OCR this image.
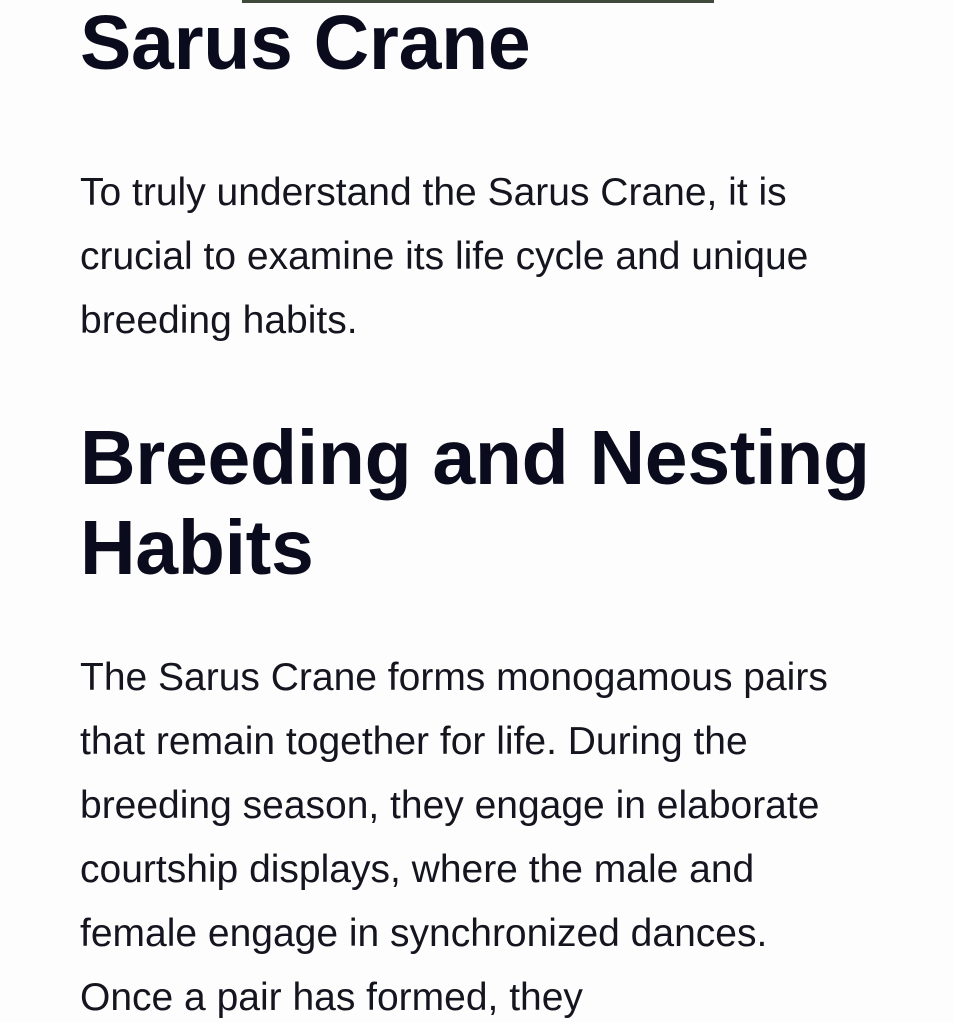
Sarus Crane

To truly understand the Sarus Crane, it is crucial to examine its life cycle and unique breeding habits.

Breeding and Nesting Habits

The Sarus Crane forms monogamous pairs that remain together for life. During the breeding season, they engage in elaborate courtship displays, where the male and female engage in synchronized dances. Once a pair has formed, they
